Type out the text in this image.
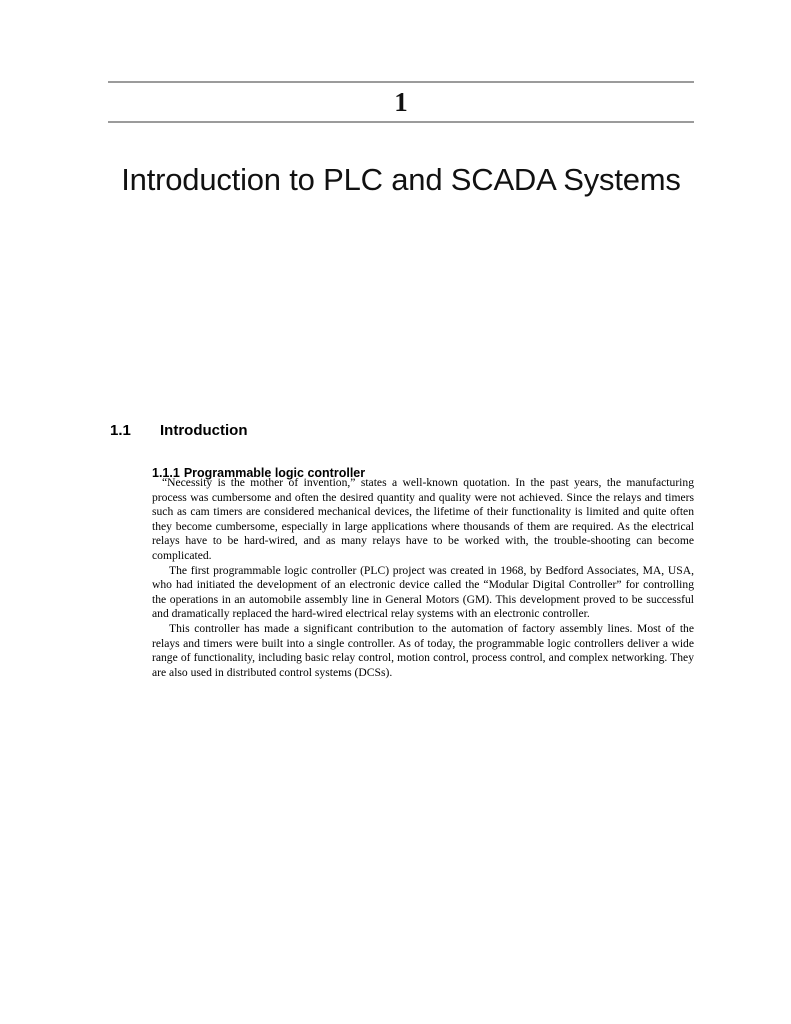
1
Introduction to PLC and SCADA Systems
1.1 Introduction
1.1.1 Programmable logic controller

“Necessity is the mother of invention,” states a well-known quotation. In the past years, the manufacturing process was cumbersome and often the desired quantity and quality were not achieved. Since the relays and timers such as cam timers are considered mechanical devices, the lifetime of their functionality is limited and quite often they become cumbersome, especially in large applications where thousands of them are required. As the electrical relays have to be hard-wired, and as many relays have to be worked with, the trouble-shooting can become complicated.

The first programmable logic controller (PLC) project was created in 1968, by Bedford Associates, MA, USA, who had initiated the development of an electronic device called the “Modular Digital Controller” for controlling the operations in an automobile assembly line in General Motors (GM). This development proved to be successful and dramatically replaced the hard-wired electrical relay systems with an electronic controller.

This controller has made a significant contribution to the automation of factory assembly lines. Most of the relays and timers were built into a single controller. As of today, the programmable logic controllers deliver a wide range of functionality, including basic relay control, motion control, process control, and complex networking. They are also used in distributed control systems (DCSs).
